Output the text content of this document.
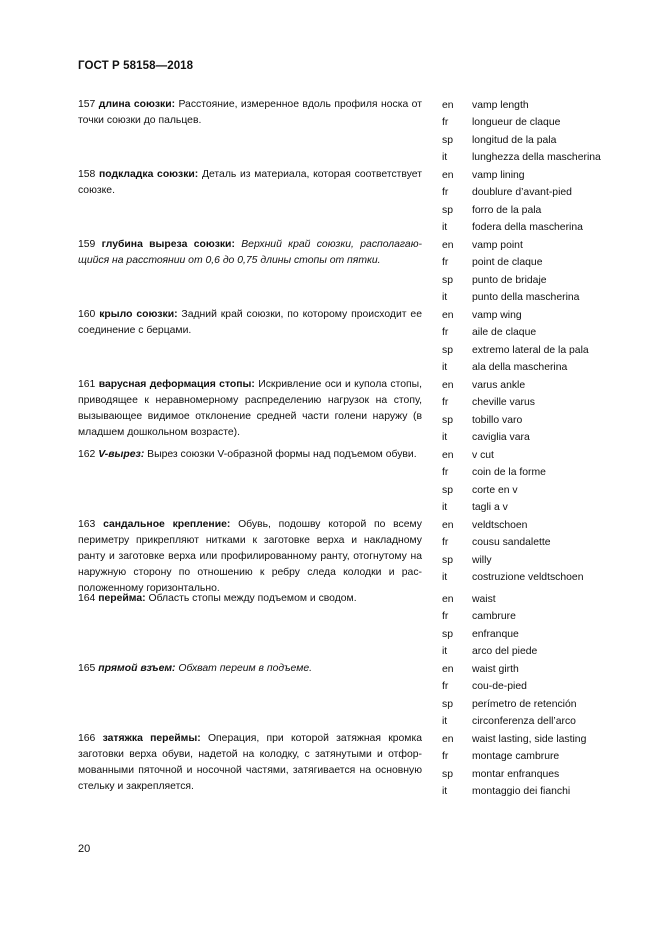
ГОСТ Р 58158—2018
157 длина союзки: Расстояние, измеренное вдоль профиля носка от точки союзки до пальцев.
en vamp length
fr longueur de claque
sp longitud de la pala
it lunghezza della mascherina
158 подкладка союзки: Деталь из материала, которая соответствует союзке.
en vamp lining
fr doublure d’avant-pied
sp forro de la pala
it fodera della mascherina
159 глубина выреза союзки: Верхний край союзки, располагающийся на расстоянии от 0,6 до 0,75 длины стопы от пятки.
en vamp point
fr point de claque
sp punto de bridaje
it punto della mascherina
160 крыло союзки: Задний край союзки, по которому происходит ее соединение с берцами.
en vamp wing
fr aile de claque
sp extremo lateral de la pala
it ala della mascherina
161 варусная деформация стопы: Искривление оси и купола стопы, приводящее к неравномерному распределению нагрузок на стопу, вызывающее видимое отклонение средней части голени наружу (в младшем дошкольном возрасте).
en varus ankle
fr cheville varus
sp tobillo varo
it caviglia vara
162 V-вырез: Вырез союзки V-образной формы над подъемом обуви.	en v cut
fr coin de la forme
sp corte en v
it tagli a v
163 сандальное крепление: Обувь, подошву которой по всему периметру прикрепляют нитками к заготовке верха и накладному ранту и заготовке верха или профилированному ранту, отогнутому на наружную сторону по отношению к ребру следа колодки и расположенному горизонтально.
en veldtschoen
fr cousu sandalette
sp willy
it costruzione veldtschoen
164 перейма: Область стопы между подъемом и сводом.	en waist
fr cambrure
sp enfranque
it arco del piede
165 прямой взъем: Обхват переим в подъеме.	en waist girth
fr cou-de-pied
sp perímetro de retención
it circonferenza dell’arco
166 затяжка переймы: Операция, при которой затяжная кромка заготовки верха обуви, надетой на колодку, с затянутыми и отформованными пяточной и носочной частями, затягивается на основную стельку и закрепляется.
en waist lasting, side lasting
fr montage cambrure
sp montar enfranques
it montaggio dei fianchi
20
